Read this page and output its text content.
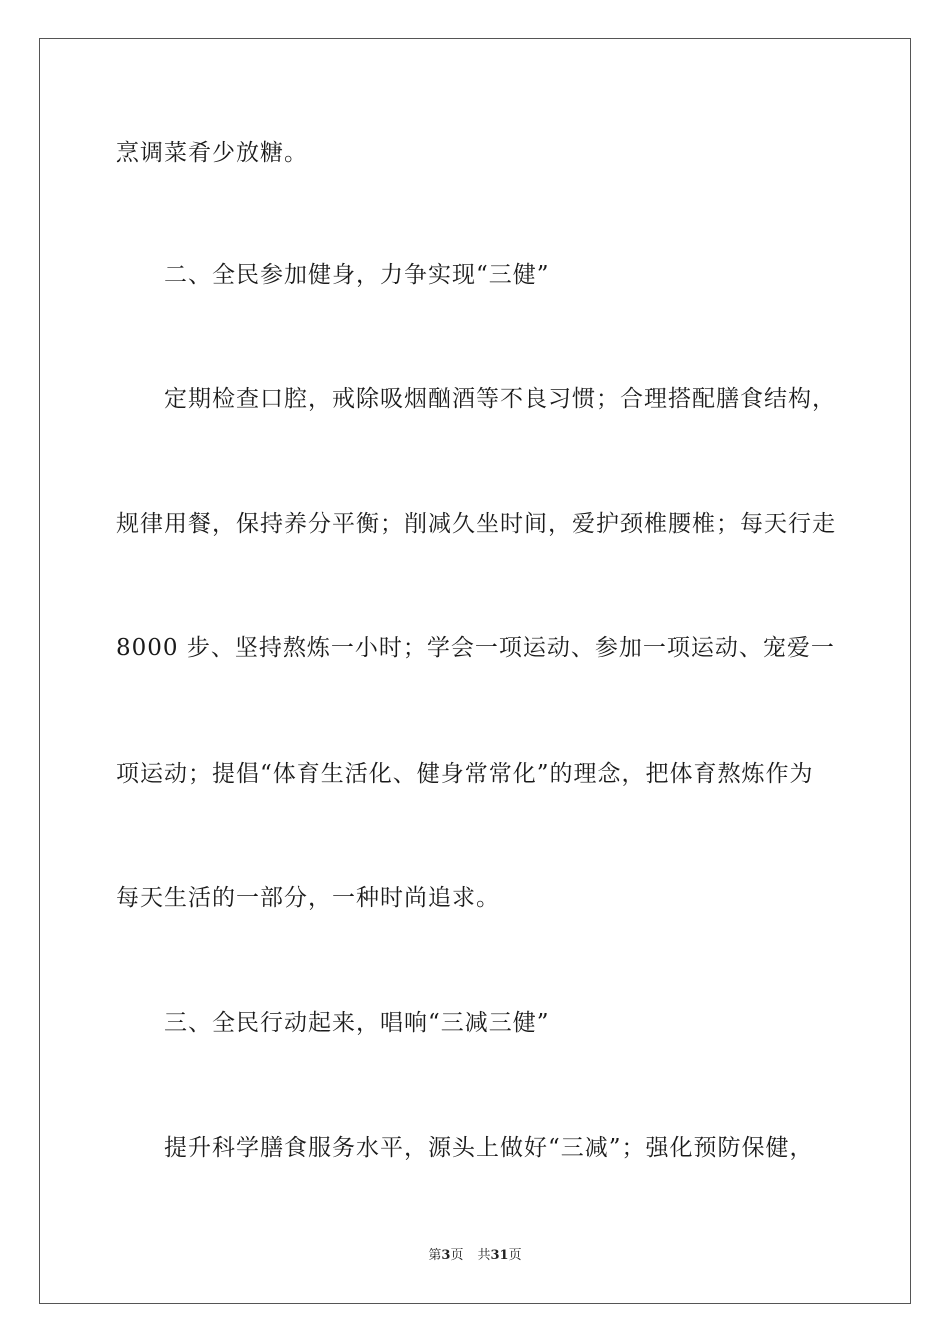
烹调菜肴少放糖。
二、全民参加健身，力争实现“三健”
定期检查口腔，戒除吸烟酗酒等不良习惯；合理搭配膳食结构，
规律用餐，保持养分平衡；削减久坐时间，爱护颈椎腰椎；每天行走
8000 步、坚持熬炼一小时；学会一项运动、参加一项运动、宠爱一
项运动；提倡“体育生活化、健身常常化”的理念，把体育熬炼作为
每天生活的一部分，一种时尚追求。
三、全民行动起来，唱响“三减三健”
提升科学膳食服务水平，源头上做好“三减”；强化预防保健，
第3页 共31页
